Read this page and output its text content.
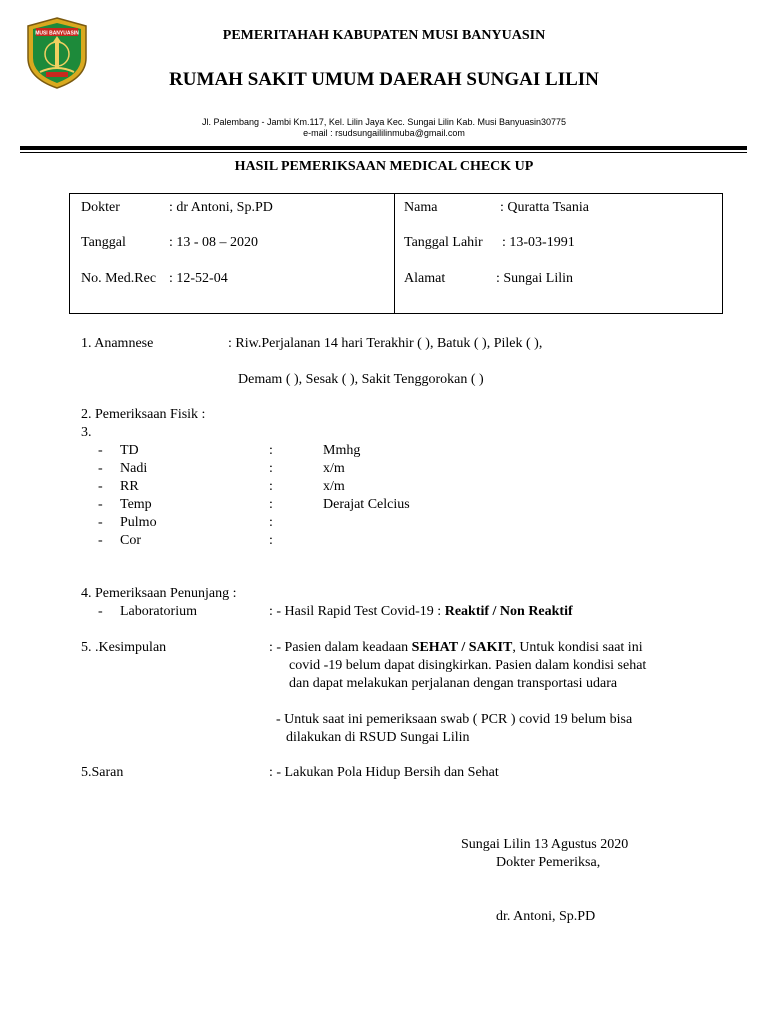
MUSI BANYUASIN	PEMERITAHAH KABUPATEN MUSI BANYUASIN
RUMAH SAKIT UMUM DAERAH SUNGAI LILIN
Jl. Palembang - Jambi Km.117, Kel. Lilin Jaya Kec. Sungai Lilin Kab. Musi Banyuasin30775
e-mail : rsudsungaililinmuba@gmail.com
HASIL PEMERIKSAAN MEDICAL CHECK UP
Dokter	: dr Antoni, Sp.PD
Tanggal	: 13 - 08 – 2020
No. Med.Rec : 12-52-04
Nama	: Quratta Tsania
Tanggal Lahir : 13-03-1991
Alamat	: Sungai Lilin
1. Anamnese	: Riw.Perjalanan 14 hari Terakhir ( ), Batuk ( ), Pilek ( ),
Demam ( ), Sesak ( ), Sakit Tenggorokan ( )
2. Pemeriksaan Fisik :
3.
- TD	:	Mmhg
- Nadi	:	x/m
- RR	:	x/m
- Temp	:	Derajat Celcius
- Pulmo	:
- Cor	:
4. Pemeriksaan Penunjang :
- Laboratorium	: - Hasil Rapid Test Covid-19 : Reaktif / Non Reaktif
5. .Kesimpulan	: - Pasien dalam keadaan SEHAT / SAKIT, Untuk kondisi saat ini
covid -19 belum dapat disingkirkan. Pasien dalam kondisi sehat
dan dapat melakukan perjalanan dengan transportasi udara
- Untuk saat ini pemeriksaan swab ( PCR ) covid 19 belum bisa
dilakukan di RSUD Sungai Lilin
5.Saran	: - Lakukan Pola Hidup Bersih dan Sehat
Sungai Lilin 13 Agustus 2020
Dokter Pemeriksa,
dr. Antoni, Sp.PD
